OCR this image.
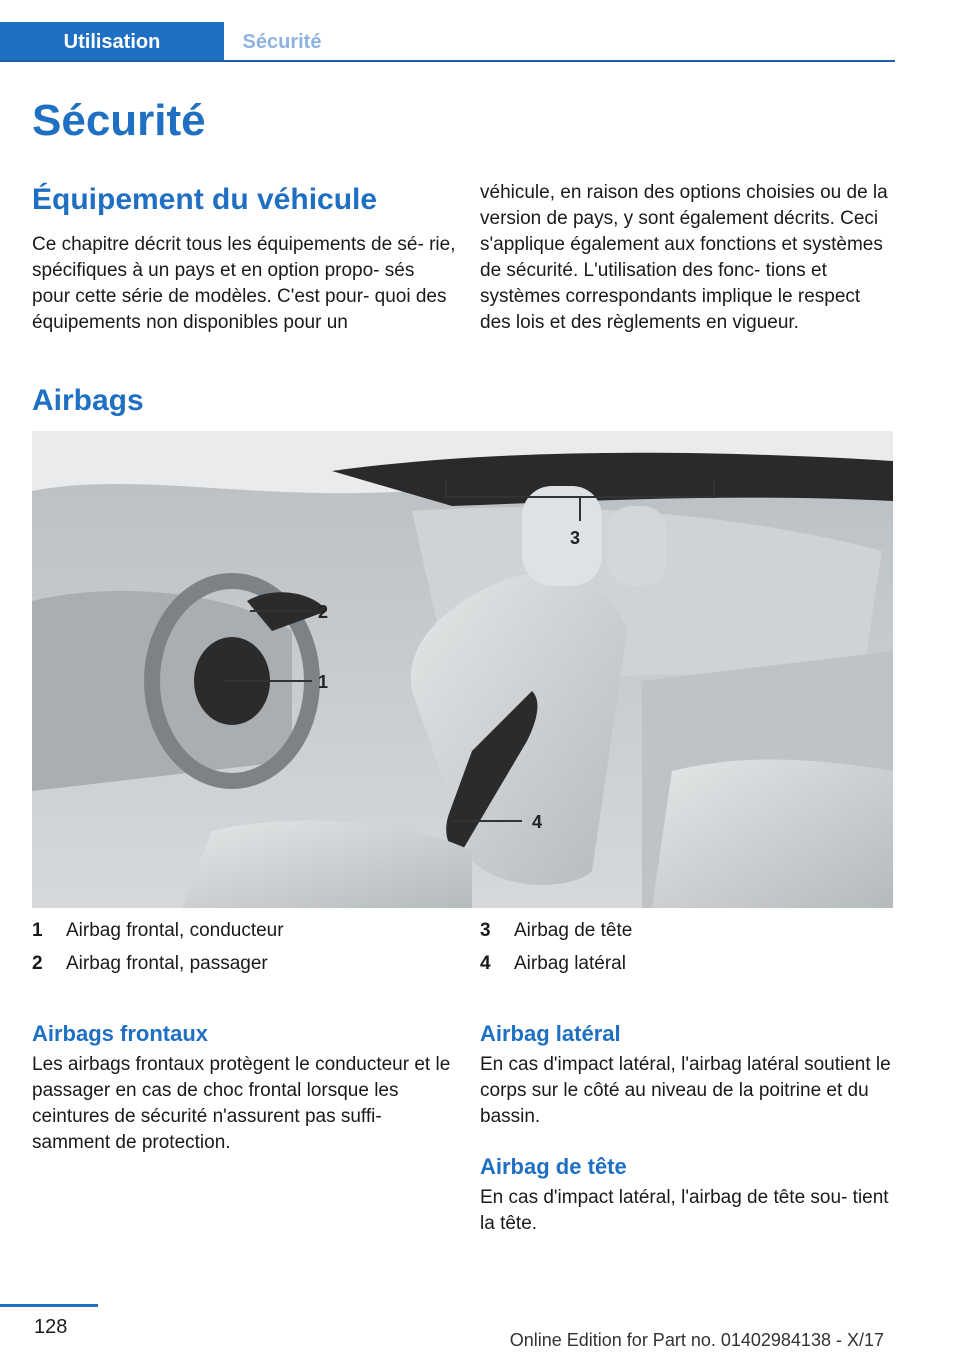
Utilisation	Sécurité
Sécurité
Équipement du véhicule

Ce chapitre décrit tous les équipements de sé- rie, spécifiques à un pays et en option propo- sés pour cette série de modèles. C'est pour- quoi des équipements non disponibles pour un

véhicule, en raison des options choisies ou de la version de pays, y sont également décrits. Ceci s'applique également aux fonctions et systèmes de sécurité. L'utilisation des fonc- tions et systèmes correspondants implique le respect des lois et des règlements en vigueur.

Airbags
3
2
1
4
1 Airbag frontal, conducteur
2 Airbag frontal, passager
3 Airbag de tête
4 Airbag latéral
Airbags frontaux

Les airbags frontaux protègent le conducteur et le passager en cas de choc frontal lorsque les ceintures de sécurité n'assurent pas suffi- samment de protection.

Airbag latéral

En cas d'impact latéral, l'airbag latéral soutient le corps sur le côté au niveau de la poitrine et du bassin.

Airbag de tête

En cas d'impact latéral, l'airbag de tête sou- tient la tête.

128
Online Edition for Part no. 01402984138 - X/17
